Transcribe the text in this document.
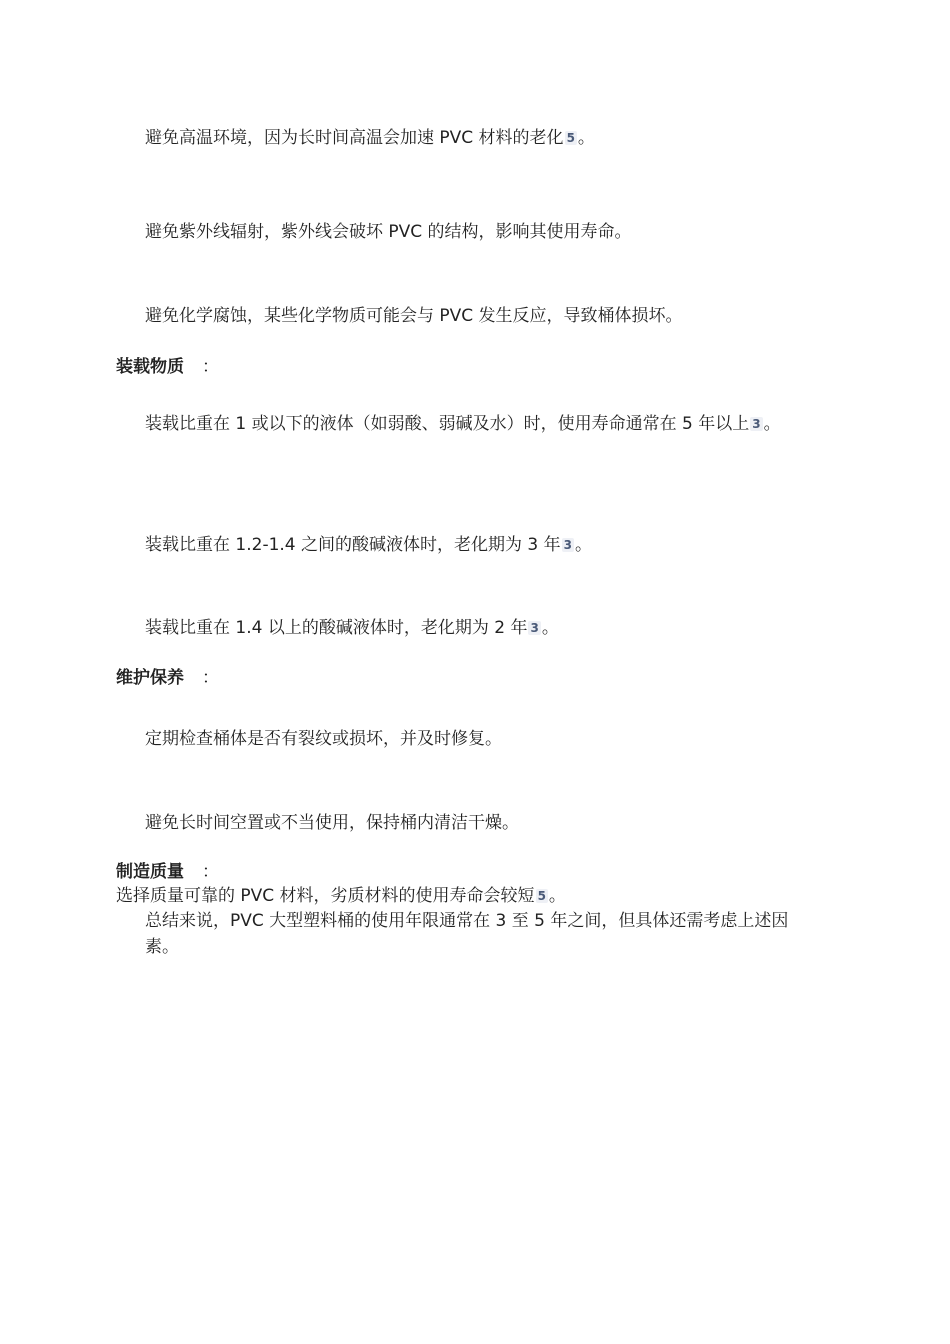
避免高温环境，因为长时间高温会加速 PVC 材料的老化 5 。

避免紫外线辐射，紫外线会破坏 PVC 的结构，影响其使用寿命。

避免化学腐蚀，某些化学物质可能会与 PVC 发生反应，导致桶体损坏。

装载物质 ：

装载比重在 1 或以下的液体（如弱酸、弱碱及水）时，使用寿命通常在 5 年以上 3 。

装载比重在 1.2-1.4 之间的酸碱液体时，老化期为 3 年 3 。

装载比重在 1.4 以上的酸碱液体时，老化期为 2 年 3 。

维护保养 ：

定期检查桶体是否有裂纹或损坏，并及时修复。

避免长时间空置或不当使用，保持桶内清洁干燥。

制造质量 ：

选择质量可靠的 PVC 材料，劣质材料的使用寿命会较短 5 。

总结来说，PVC 大型塑料桶的使用年限通常在 3 至 5 年之间，但具体还需考虑上述因素。
